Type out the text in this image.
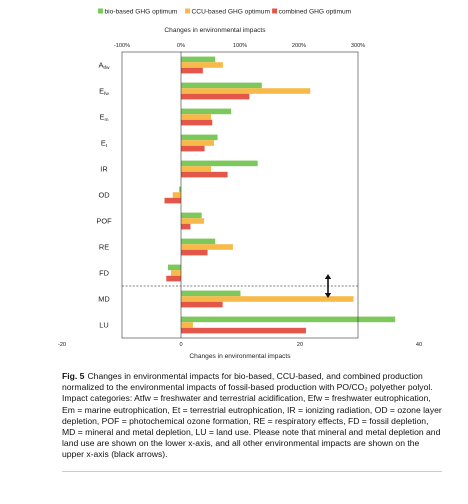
bio-based GHG optimum CCU-based GHG optimum combined GHG optimum
Changes in environmental impacts
-100%	0%	100%	200%	300%
$A_{tfw}$
$E_{fw}$
$E_m$
$E_t$
IR
OD
POF
RE
FD
MD
LU
-20	0	20	40
Changes in environmental impacts

Fig. 5 Changes in environmental impacts for bio-based, CCU-based, and combined production normalized to the environmental impacts of fossil-based production with PO/CO₂ polyether polyol. Impact categories: Atfw = freshwater and terrestrial acidification, Efw = freshwater eutrophication, Em = marine eutrophication, Et = terrestrial eutrophication, IR = ionizing radiation, OD = ozone layer depletion, POF = photochemical ozone formation, RE = respiratory effects, FD = fossil depletion, MD = mineral and metal depletion, LU = land use. Please note that mineral and metal depletion and land use are shown on the lower x-axis, and all other environmental impacts are shown on the upper x-axis (black arrows).
